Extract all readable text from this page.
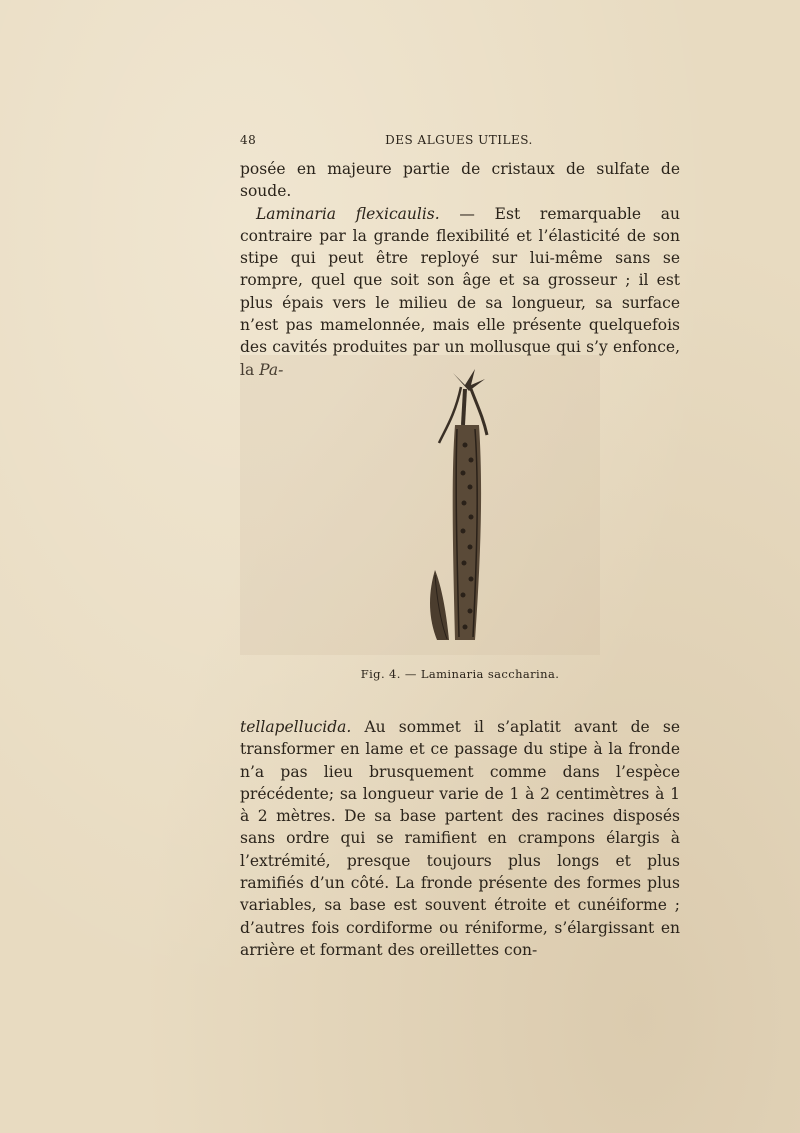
48	DES ALGUES UTILES.

posée en majeure partie de cristaux de sulfate de soude.

Laminaria flexicaulis. — Est remarquable au contraire par la grande flexibilité et l’élasticité de son stipe qui peut être reployé sur lui-même sans se rompre, quel que soit son âge et sa grosseur ; il est plus épais vers le milieu de sa longueur, sa surface n’est pas mamelonnée, mais elle présente quelquefois des cavités produites par un mollusque qui s’y enfonce, la Pa-

Fig. 4. — Laminaria saccharina.

tellapellucida. Au sommet il s’aplatit avant de se transformer en lame et ce passage du stipe à la fronde n’a pas lieu brusquement comme dans l’espèce précédente; sa longueur varie de 1 à 2 centimètres à 1 à 2 mètres. De sa base partent des racines disposés sans ordre qui se ramifient en crampons élargis à l’extrémité, presque toujours plus longs et plus ramifiés d’un côté. La fronde présente des formes plus variables, sa base est souvent étroite et cunéiforme ; d’autres fois cordiforme ou réniforme, s’élargissant en arrière et formant des oreillettes con-
